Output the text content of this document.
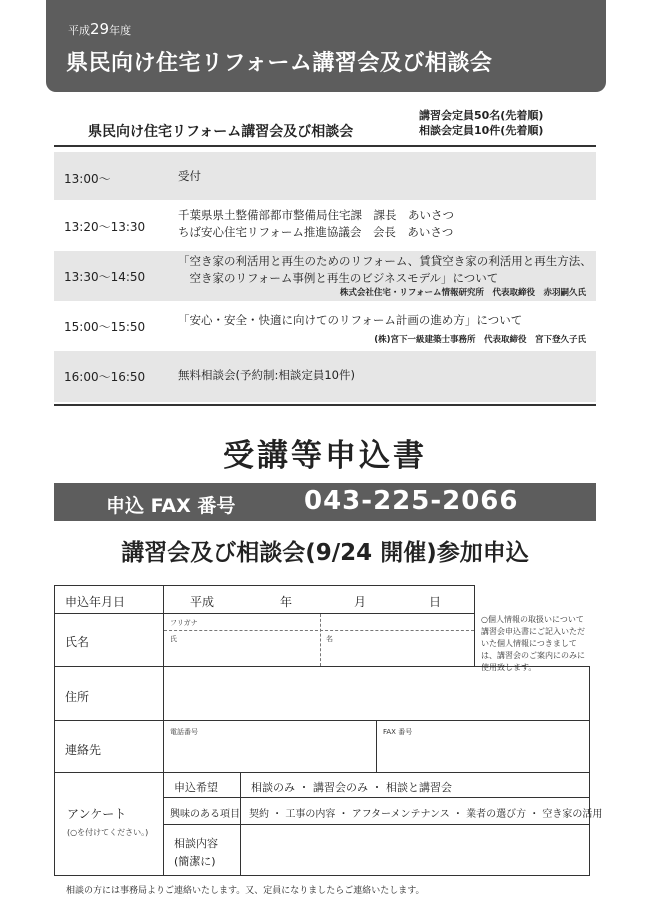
平成29年度
県民向け住宅リフォーム講習会及び相談会
県民向け住宅リフォーム講習会及び相談会
講習会定員50名(先着順)
相談会定員10件(先着順)
13:00〜	受付
13:20〜13:30
千葉県県土整備部都市整備局住宅課　課長　あいさつ
ちば安心住宅リフォーム推進協議会　会長　あいさつ
13:30〜14:50
「空き家の利活用と再生のためのリフォーム、賃貸空き家の利活用と再生方法、
　空き家のリフォーム事例と再生のビジネスモデル」について
株式会社住宅・リフォーム情報研究所　代表取締役　赤羽嗣久氏
15:00〜15:50	「安心・安全・快適に向けてのリフォーム計画の進め方」について
(株)宮下一級建築士事務所　代表取締役　宮下登久子氏
16:00〜16:50	無料相談会(予約制:相談定員10件)
受講等申込書
申込 FAX 番号	043-225-2066
講習会及び相談会(9/24 開催)参加申込
申込年月日	平成	年	月	日
氏名
フリガナ
氏	名
○個人情報の取扱いについて講習会申込書にご記入いただいた個人情報につきましては、講習会のご案内にのみに使用致します。
住所
連絡先
電話番号	FAX 番号
アンケート
(○を付けてください。)
申込希望	相談のみ ・ 講習会のみ ・ 相談と講習会
興味のある項目 契約 ・ 工事の内容 ・ アフターメンテナンス ・ 業者の選び方 ・ 空き家の活用
相談内容
(簡潔に)
相談の方には事務局よりご連絡いたします。又、定員になりましたらご連絡いたします。
